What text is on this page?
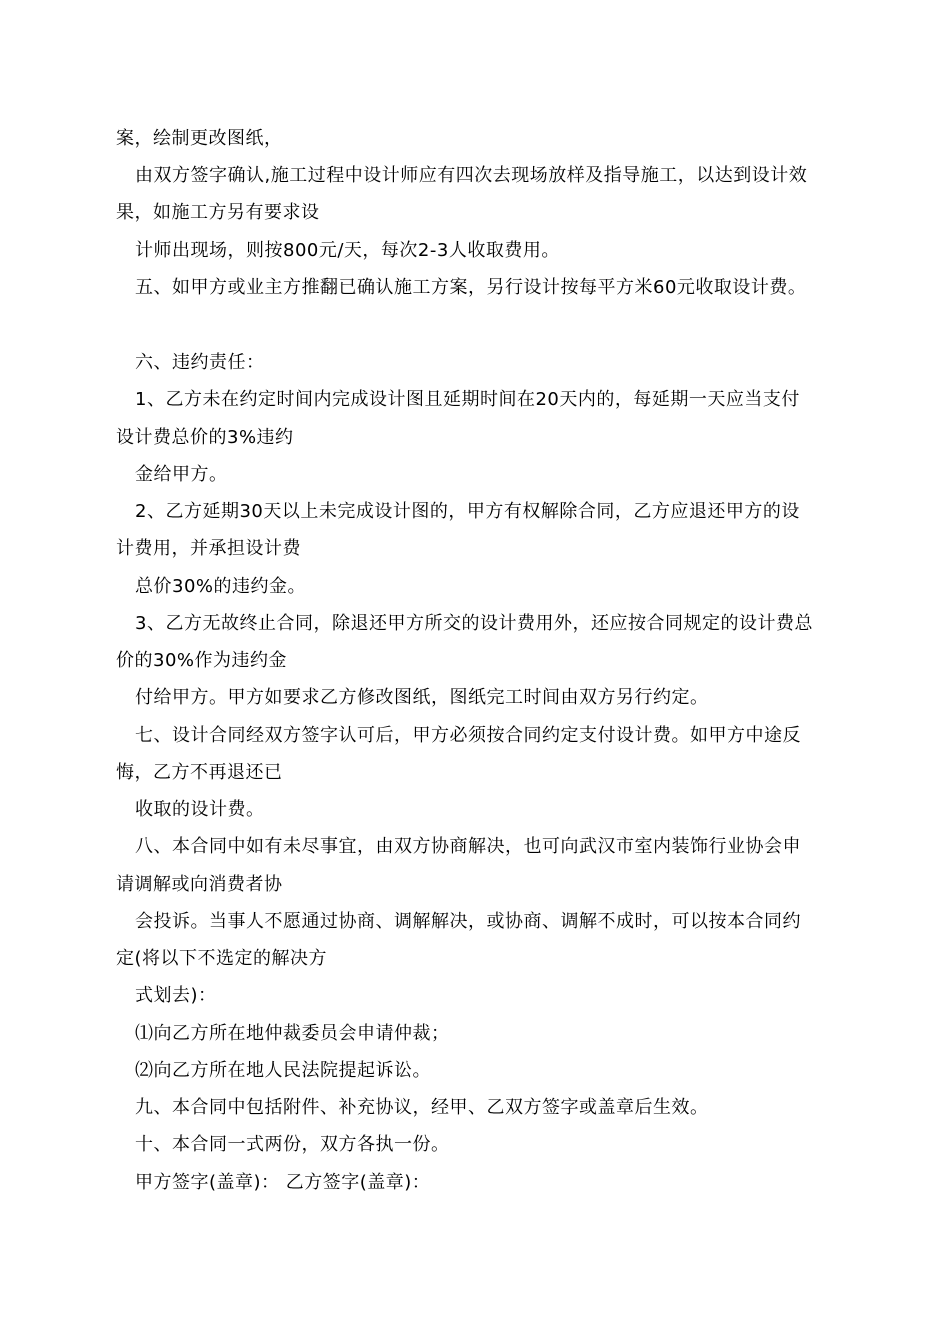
案，绘制更改图纸，
由双方签字确认,施工过程中设计师应有四次去现场放样及指导施工，以达到设计效
果，如施工方另有要求设
计师出现场，则按800元/天，每次2-3人收取费用。
五、如甲方或业主方推翻已确认施工方案，另行设计按每平方米60元收取设计费。
六、违约责任：
1、乙方未在约定时间内完成设计图且延期时间在20天内的，每延期一天应当支付
设计费总价的3%违约
金给甲方。
2、乙方延期30天以上未完成设计图的，甲方有权解除合同，乙方应退还甲方的设
计费用，并承担设计费
总价30%的违约金。
3、乙方无故终止合同，除退还甲方所交的设计费用外，还应按合同规定的设计费总
价的30%作为违约金
付给甲方。甲方如要求乙方修改图纸，图纸完工时间由双方另行约定。
七、设计合同经双方签字认可后，甲方必须按合同约定支付设计费。如甲方中途反
悔，乙方不再退还已
收取的设计费。
八、本合同中如有未尽事宜，由双方协商解决，也可向武汉市室内装饰行业协会申
请调解或向消费者协
会投诉。当事人不愿通过协商、调解解决，或协商、调解不成时，可以按本合同约
定(将以下不选定的解决方
式划去)：
⑴向乙方所在地仲裁委员会申请仲裁；
⑵向乙方所在地人民法院提起诉讼。
九、本合同中包括附件、补充协议，经甲、乙双方签字或盖章后生效。
十、本合同一式两份，双方各执一份。
甲方签字(盖章)： 乙方签字(盖章)：
